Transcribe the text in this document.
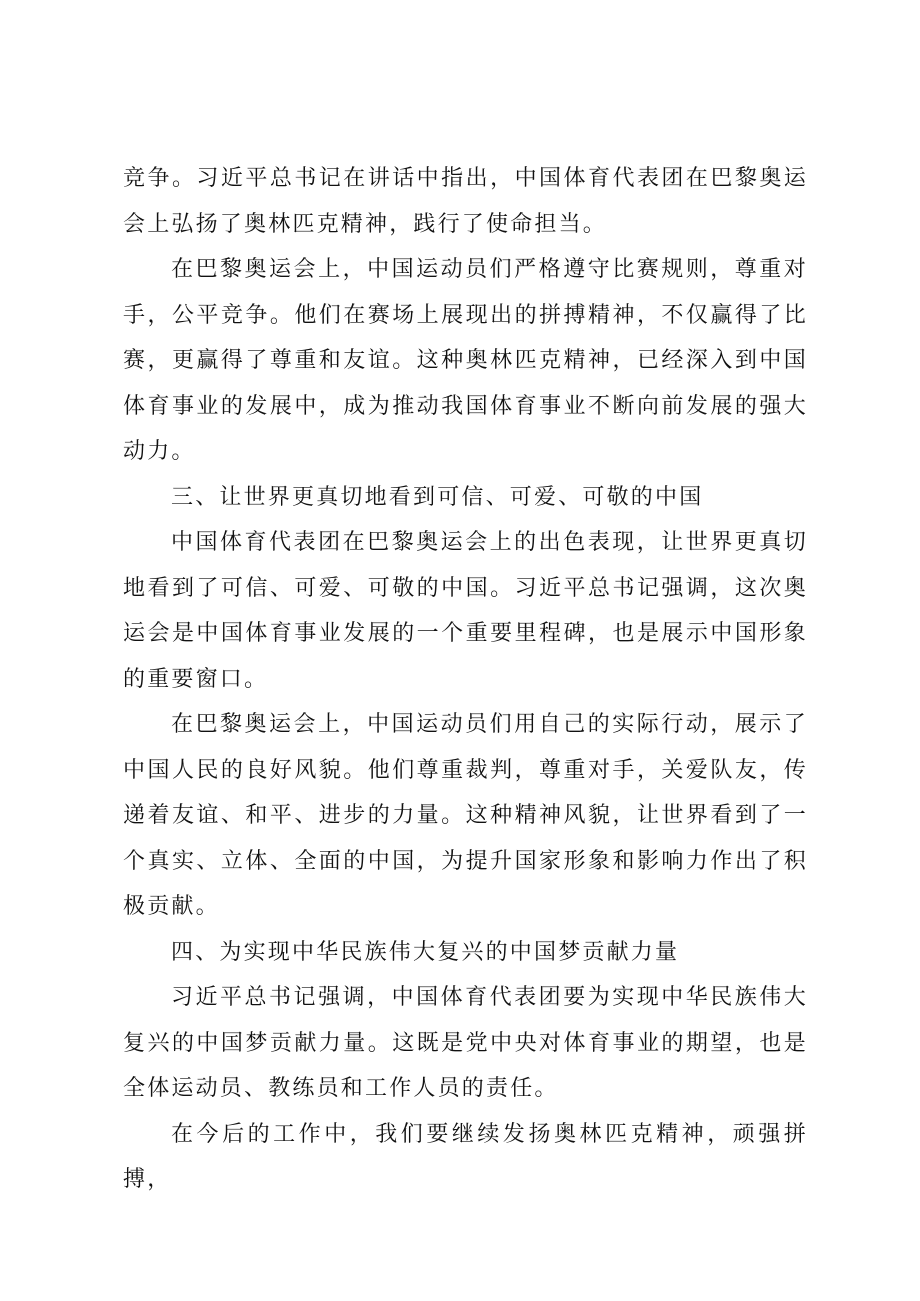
竞争。习近平总书记在讲话中指出，中国体育代表团在巴黎奥运会上弘扬了奥林匹克精神，践行了使命担当。

在巴黎奥运会上，中国运动员们严格遵守比赛规则，尊重对手，公平竞争。他们在赛场上展现出的拼搏精神，不仅赢得了比赛，更赢得了尊重和友谊。这种奥林匹克精神，已经深入到中国体育事业的发展中，成为推动我国体育事业不断向前发展的强大动力。

三、让世界更真切地看到可信、可爱、可敬的中国

中国体育代表团在巴黎奥运会上的出色表现，让世界更真切地看到了可信、可爱、可敬的中国。习近平总书记强调，这次奥运会是中国体育事业发展的一个重要里程碑，也是展示中国形象的重要窗口。

在巴黎奥运会上，中国运动员们用自己的实际行动，展示了中国人民的良好风貌。他们尊重裁判，尊重对手，关爱队友，传递着友谊、和平、进步的力量。这种精神风貌，让世界看到了一个真实、立体、全面的中国，为提升国家形象和影响力作出了积极贡献。

四、为实现中华民族伟大复兴的中国梦贡献力量

习近平总书记强调，中国体育代表团要为实现中华民族伟大复兴的中国梦贡献力量。这既是党中央对体育事业的期望，也是全体运动员、教练员和工作人员的责任。

在今后的工作中，我们要继续发扬奥林匹克精神，顽强拼搏，
